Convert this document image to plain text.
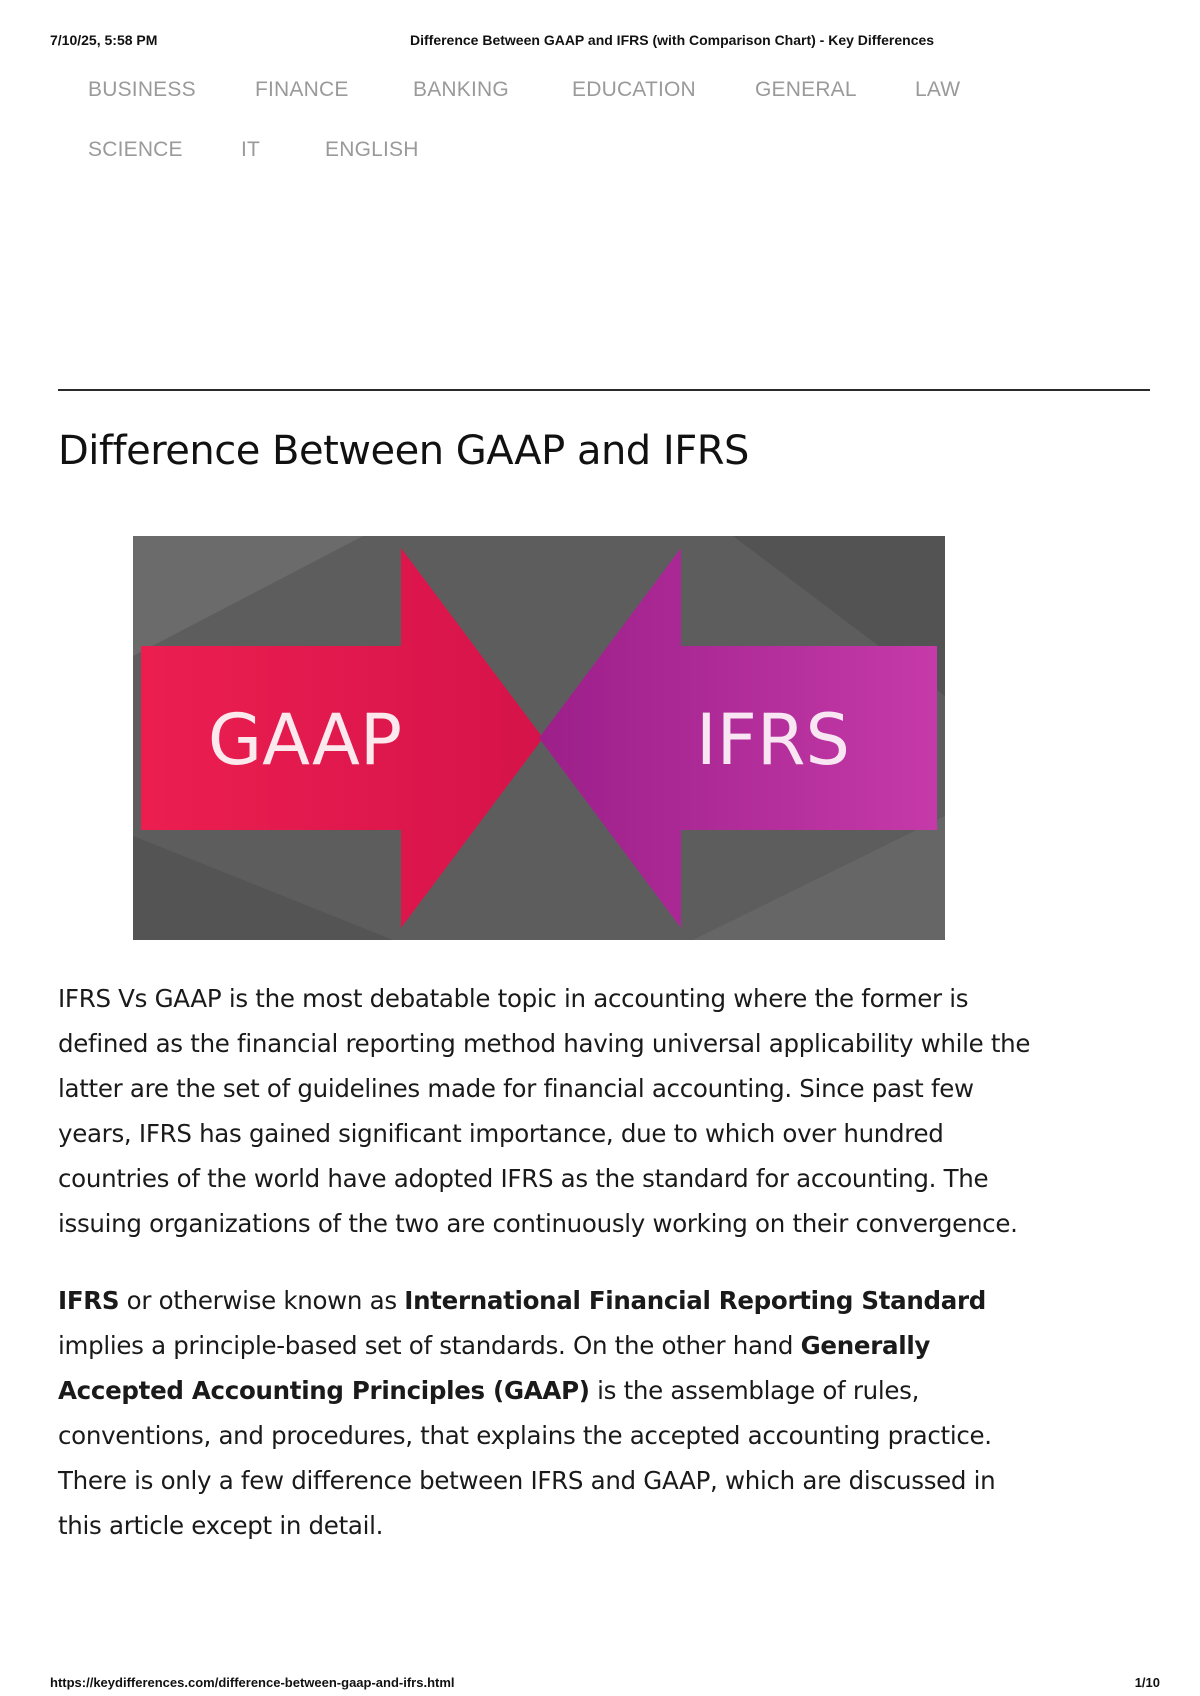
7/10/25, 5:58 PM	Difference Between GAAP and IFRS (with Comparison Chart) - Key Differences
BUSINESS	FINANCE	BANKING	EDUCATION	GENERAL	LAW
SCIENCE	IT	ENGLISH
Difference Between GAAP and IFRS
GAAP	IFRS

IFRS Vs GAAP is the most debatable topic in accounting where the former is defined as the financial reporting method having universal applicability while the latter are the set of guidelines made for financial accounting. Since past few years, IFRS has gained significant importance, due to which over hundred countries of the world have adopted IFRS as the standard for accounting. The issuing organizations of the two are continuously working on their convergence.

IFRS or otherwise known as International Financial Reporting Standard implies a principle-based set of standards. On the other hand Generally Accepted Accounting Principles (GAAP) is the assemblage of rules, conventions, and procedures, that explains the accepted accounting practice. There is only a few difference between IFRS and GAAP, which are discussed in this article except in detail.

https://keydifferences.com/difference-between-gaap-and-ifrs.html	1/10
